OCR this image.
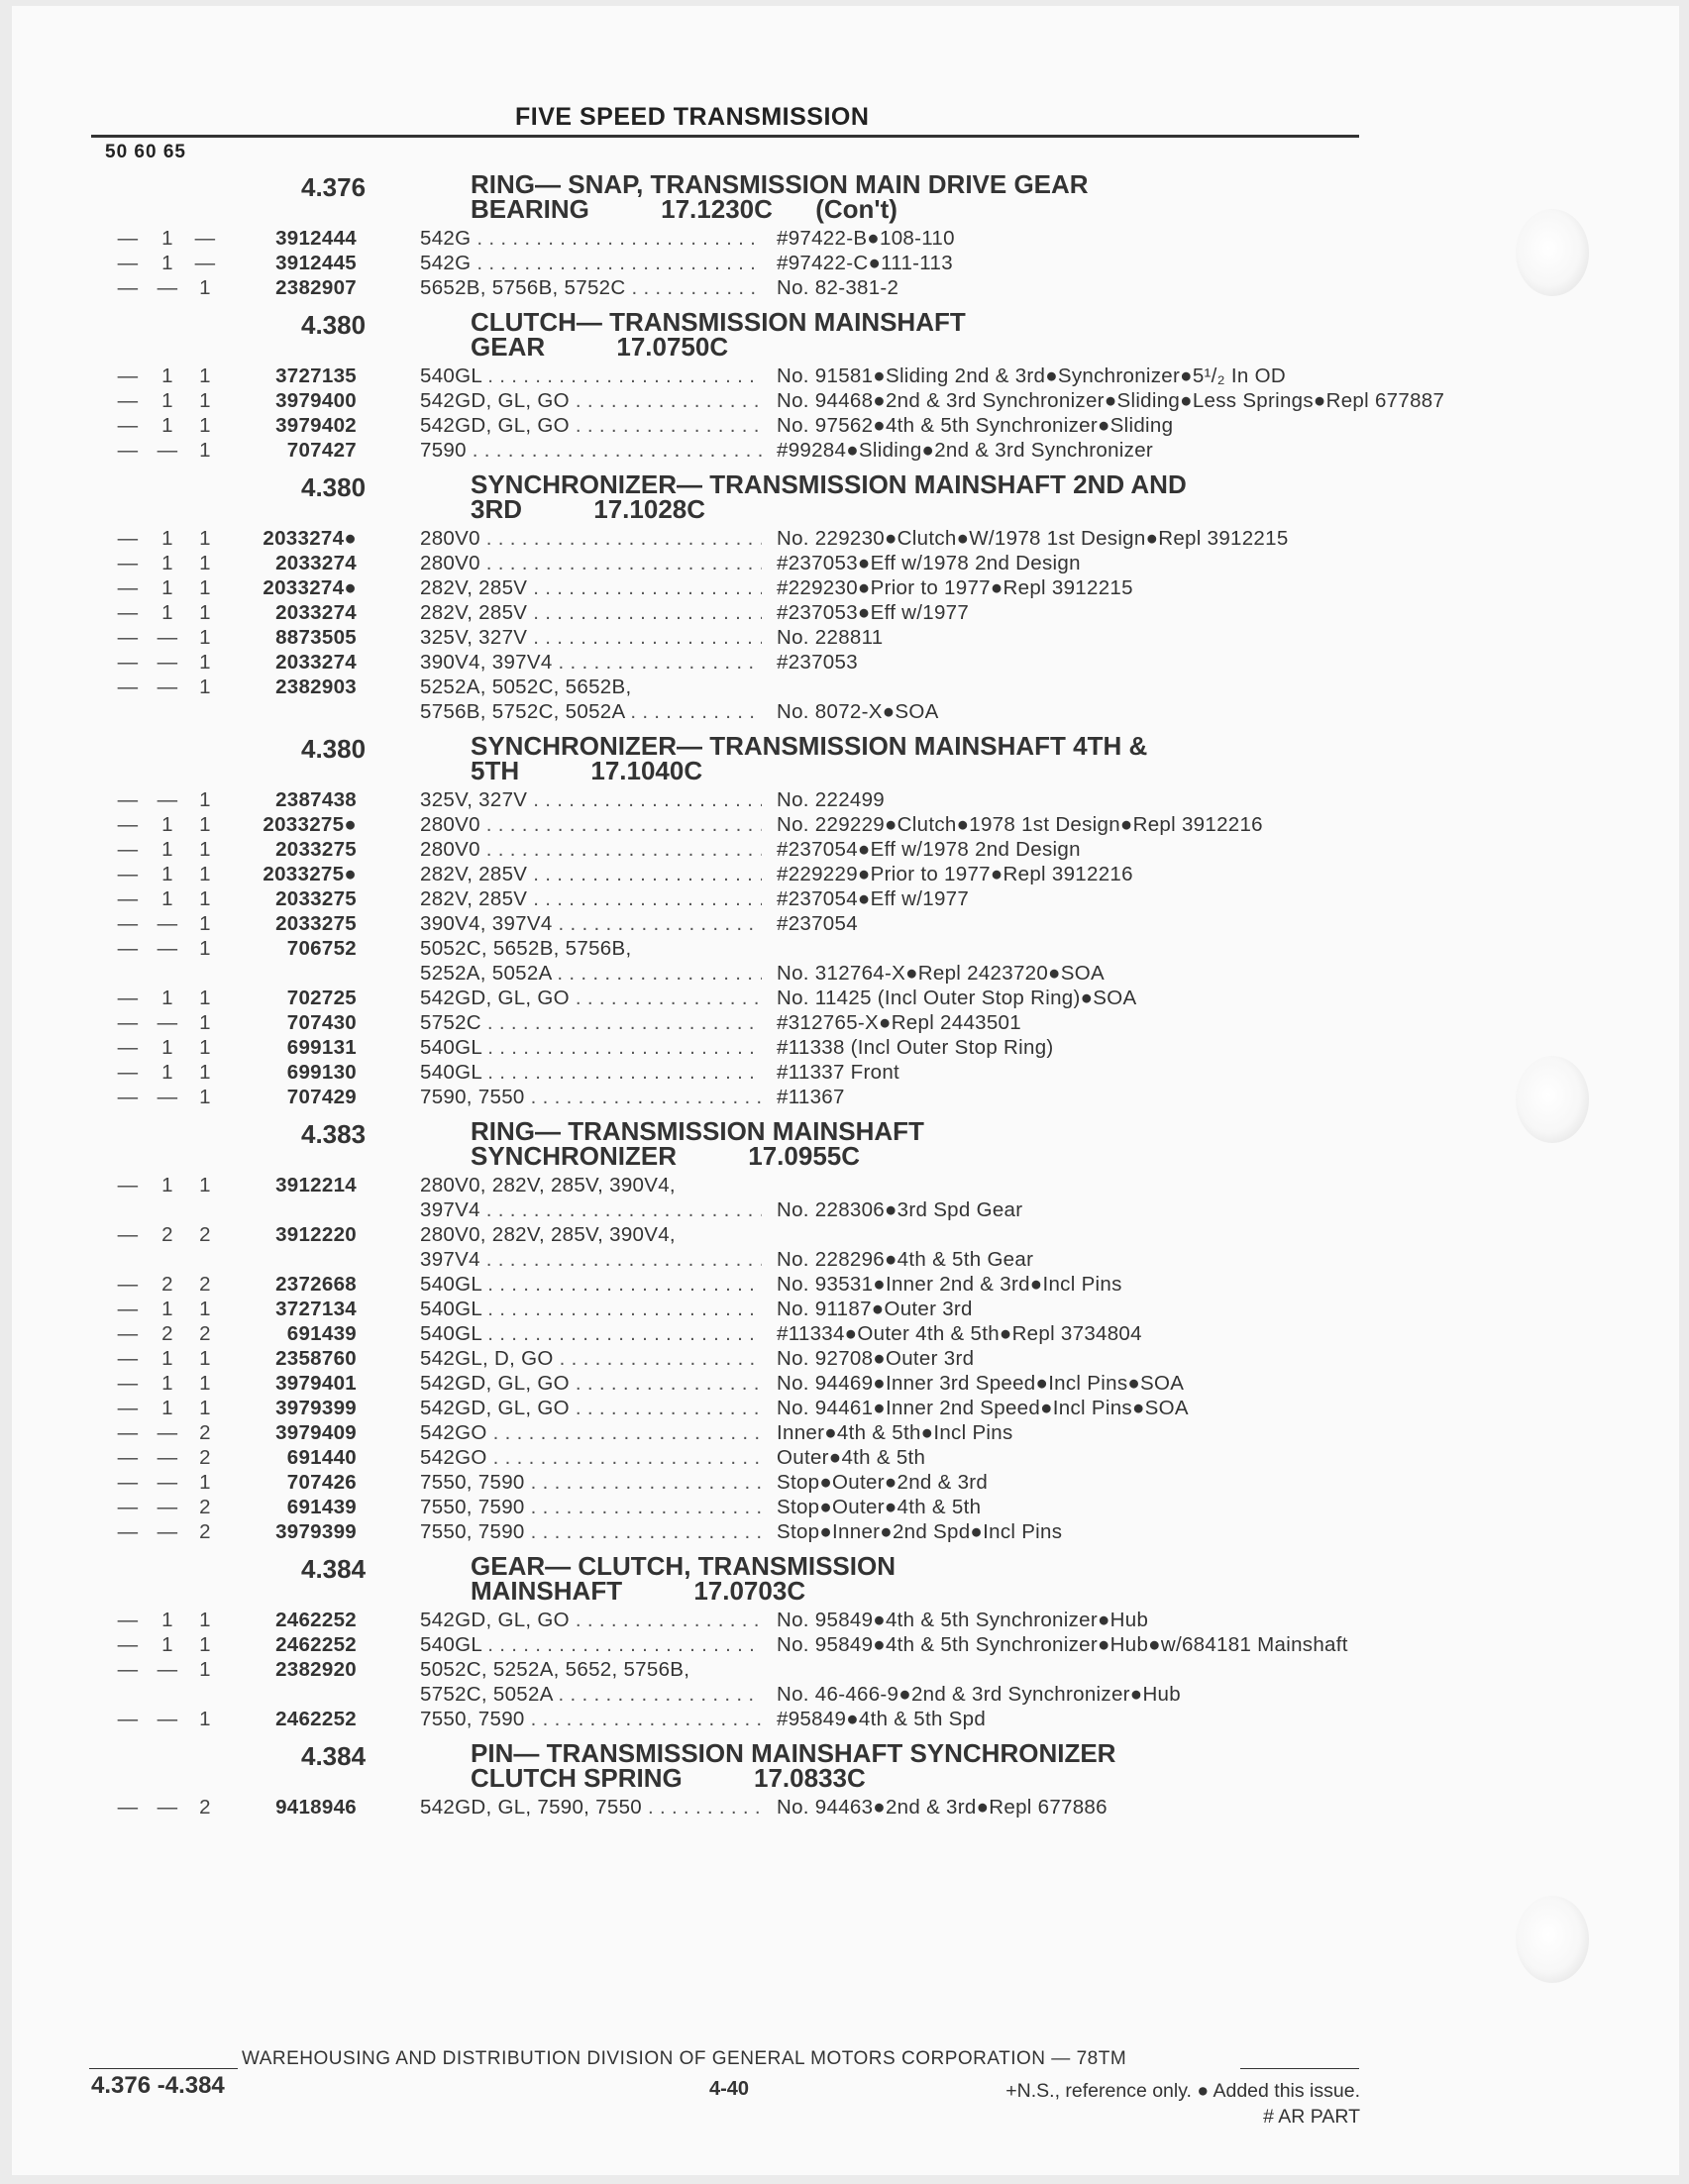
FIVE SPEED TRANSMISSION
50 60 65
4.376	RING— SNAP, TRANSMISSION MAIN DRIVE GEAR
BEARING          17.1230C      (Con't)
—	1	—	3912444	542G . . .	#97422-B●108-110
—	1	—	3912445	542G . . .	#97422-C●111-113
— —	1	2382907	5652B, 5756B, 5752C . . .	No. 82-381-2
4.380	CLUTCH— TRANSMISSION MAINSHAFT
GEAR          17.0750C
—	1	1	3727135	540GL . . .	No. 91581●Sliding 2nd & 3rd●Synchronizer●5¹/₂ In OD
—	1	1	3979400	542GD, GL, GO . . .	No. 94468●2nd & 3rd Synchronizer●Sliding●Less Springs●Repl 677887
—	1	1	3979402	542GD, GL, GO . . .	No. 97562●4th & 5th Synchronizer●Sliding
— —	1	707427	7590 . . .	#99284●Sliding●2nd & 3rd Synchronizer
4.380	SYNCHRONIZER— TRANSMISSION MAINSHAFT 2ND AND
3RD          17.1028C
—	1	1	2033274●	280V0 . . .	No. 229230●Clutch●W/1978 1st Design●Repl 3912215
—	1	1	2033274	280V0 . . .	#237053●Eff w/1978 2nd Design
—	1	1	2033274●	282V, 285V . . .	#229230●Prior to 1977●Repl 3912215
—	1	1	2033274	282V, 285V . . .	#237053●Eff w/1977
— —	1	8873505	325V, 327V . . .	No. 228811
— —	1	2033274	390V4, 397V4 . . .	#237053
— —	1	2382903	5252A, 5052C, 5652B,
5756B, 5752C, 5052A . . .	No. 8072-X●SOA
4.380	SYNCHRONIZER— TRANSMISSION MAINSHAFT 4TH &
5TH          17.1040C
— —	1	2387438	325V, 327V . . .	No. 222499
—	1	1	2033275●	280V0 . . .	No. 229229●Clutch●1978 1st Design●Repl 3912216
—	1	1	2033275	280V0 . . .	#237054●Eff w/1978 2nd Design
—	1	1	2033275●	282V, 285V . . .	#229229●Prior to 1977●Repl 3912216
—	1	1	2033275	282V, 285V . . .	#237054●Eff w/1977
— —	1	2033275	390V4, 397V4 . . .	#237054
— —	1	706752	5052C, 5652B, 5756B,
5252A, 5052A . . .	No. 312764-X●Repl 2423720●SOA
—	1	1	702725	542GD, GL, GO . . .	No. 11425 (Incl Outer Stop Ring)●SOA
— —	1	707430	5752C . . .	#312765-X●Repl 2443501
—	1	1	699131	540GL . . .	#11338 (Incl Outer Stop Ring)
—	1	1	699130	540GL . . .	#11337 Front
— —	1	707429	7590, 7550 . . .	#11367
4.383	RING— TRANSMISSION MAINSHAFT
SYNCHRONIZER          17.0955C
—	1	1	3912214	280V0, 282V, 285V, 390V4,
397V4 . . .	No. 228306●3rd Spd Gear
—	2	2	3912220	280V0, 282V, 285V, 390V4,
397V4 . . .	No. 228296●4th & 5th Gear
—	2	2	2372668	540GL . . .	No. 93531●Inner 2nd & 3rd●Incl Pins
—	1	1	3727134	540GL . . .	No. 91187●Outer 3rd
—	2	2	691439	540GL . . .	#11334●Outer 4th & 5th●Repl 3734804
—	1	1	2358760	542GL, D, GO . . .	No. 92708●Outer 3rd
—	1	1	3979401	542GD, GL, GO . . .	No. 94469●Inner 3rd Speed●Incl Pins●SOA
—	1	1	3979399	542GD, GL, GO . . .	No. 94461●Inner 2nd Speed●Incl Pins●SOA
— —	2	3979409	542GO . . .	Inner●4th & 5th●Incl Pins
— —	2	691440	542GO . . .	Outer●4th & 5th
— —	1	707426	7550, 7590 . . .	Stop●Outer●2nd & 3rd
— —	2	691439	7550, 7590 . . .	Stop●Outer●4th & 5th
— —	2	3979399	7550, 7590 . . .	Stop●Inner●2nd Spd●Incl Pins
4.384	GEAR— CLUTCH, TRANSMISSION
MAINSHAFT          17.0703C
—	1	1	2462252	542GD, GL, GO . . .	No. 95849●4th & 5th Synchronizer●Hub
—	1	1	2462252	540GL . . .	No. 95849●4th & 5th Synchronizer●Hub●w/684181 Mainshaft
— —	1	2382920	5052C, 5252A, 5652, 5756B,
5752C, 5052A . . .	No. 46-466-9●2nd & 3rd Synchronizer●Hub
— —	1	2462252	7550, 7590 . . .	#95849●4th & 5th Spd
4.384	PIN— TRANSMISSION MAINSHAFT SYNCHRONIZER
CLUTCH SPRING          17.0833C
— —	2	9418946	542GD, GL, 7590, 7550 . . .	No. 94463●2nd & 3rd●Repl 677886
WAREHOUSING AND DISTRIBUTION DIVISION OF GENERAL MOTORS CORPORATION — 78TM
4.376 -4.384	4-40	+N.S., reference only. ● Added this issue.
# AR PART
